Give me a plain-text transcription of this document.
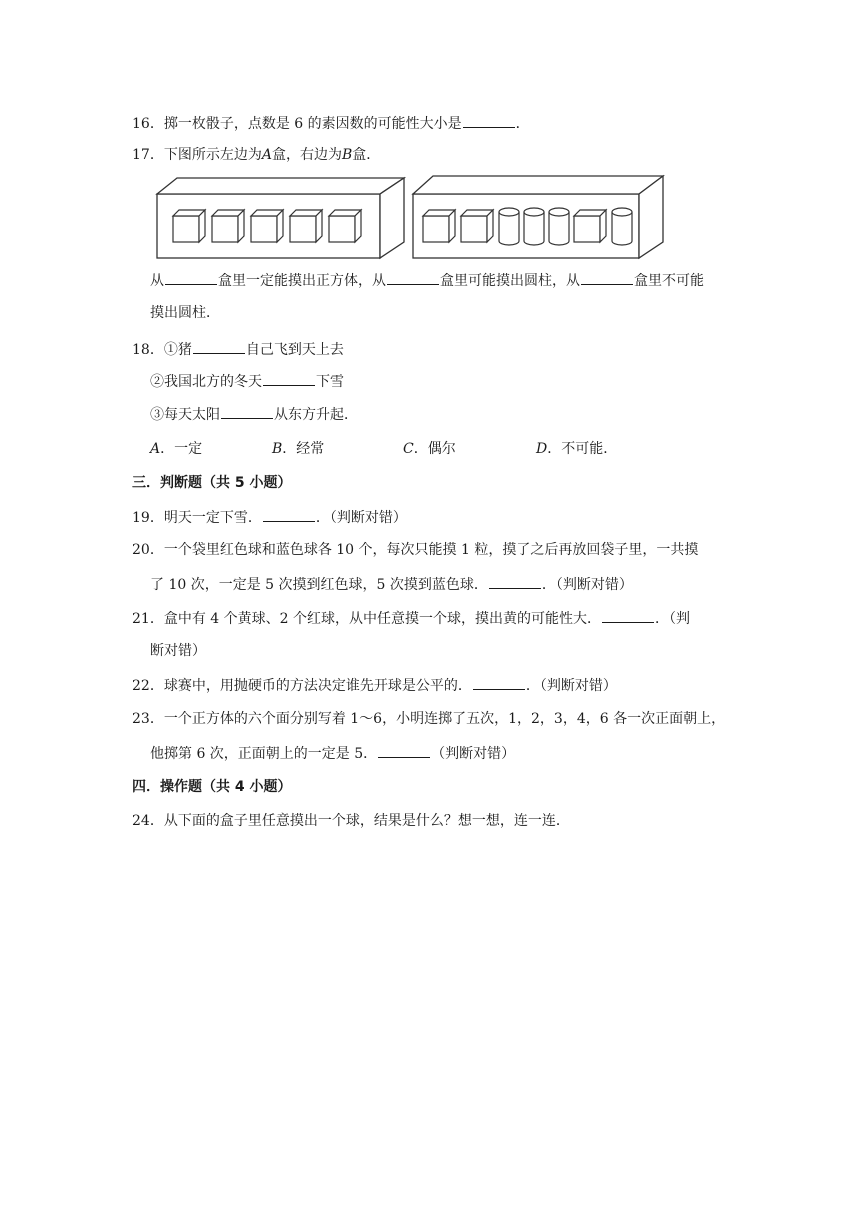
16．掷一枚骰子，点数是 6 的素因数的可能性大小是	．
17．下图所示左边为A盒，右边为B盒．
从	盒里一定能摸出正方体，从	盒里可能摸出圆柱，从	盒里不可能
摸出圆柱．
18．①猪	自己飞到天上去
②我国北方的冬天	下雪
③每天太阳	从东方升起．
A．一定	B．经常	C．偶尔	D．不可能．
三．判断题（共 5 小题）
19．明天一定下雪．	．（判断对错）
20．一个袋里红色球和蓝色球各 10 个，每次只能摸 1 粒，摸了之后再放回袋子里，一共摸
了 10 次，一定是 5 次摸到红色球，5 次摸到蓝色球．	．（判断对错）
21．盒中有 4 个黄球、2 个红球，从中任意摸一个球，摸出黄的可能性大．	．（判
断对错）
22．球赛中，用抛硬币的方法决定谁先开球是公平的．	．（判断对错）
23．一个正方体的六个面分别写着 1～6，小明连掷了五次，1，2，3，4，6 各一次正面朝上，
他掷第 6 次，正面朝上的一定是 5．	（判断对错）
四．操作题（共 4 小题）
24．从下面的盒子里任意摸出一个球，结果是什么？想一想，连一连．
